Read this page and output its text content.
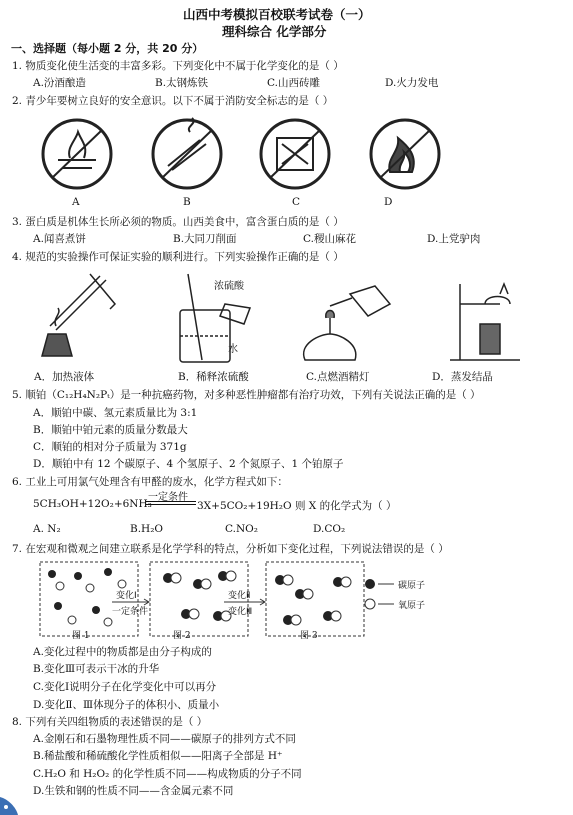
山西中考模拟百校联考试卷（一）
理科综合 化学部分
一、选择题（每小题 2 分，共 20 分）
1. 物质变化使生活变的丰富多彩。下列变化中不属于化学变化的是（ ）
A.汾酒酿造	B.太钢炼铁	C.山西砖雕	D.火力发电
2. 青少年要树立良好的安全意识。以下不属于消防安全标志的是（ ）
A	B	C	D
3. 蛋白质是机体生长所必须的物质。山西美食中，富含蛋白质的是（ ）
A.闻喜煮饼	B.大同刀削面	C.稷山麻花	D.上党驴肉
4. 规范的实验操作可保证实验的顺利进行。下列实验操作正确的是（ ）
浓硫酸
水
A．加热液体	B．稀释浓硫酸	C.点燃酒精灯	D．蒸发结晶
5. 顺铂（C₁₂H₄N₂Pₜ）是一种抗癌药物，对多种恶性肿瘤都有治疗功效，下列有关说法正确的是（ ）
A．顺铂中碳、氢元素质量比为 3:1
B．顺铂中铂元素的质量分数最大
C．顺铂的相对分子质量为 371g
D．顺铂中有 12 个碳原子、4 个氢原子、2 个氮原子、1 个铂原子
6. 工业上可用氯气处理含有甲醛的废水，化学方程式如下：
5CH₃OH+12O₂+6NH₃
一定条件
3X+5CO₂+19H₂O 则 X 的化学式为（ ）
A. N₂	B.H₂O	C.NO₂	D.CO₂
7. 在宏观和微观之间建立联系是化学学科的特点，分析如下变化过程，下列说法错误的是（ ）
变化Ⅰ
一定条件
变化Ⅱ
变化Ⅲ
碳原子
氧原子
图 1	图 2	图 3
A.变化过程中的物质都是由分子构成的
B.变化Ⅲ可表示干冰的升华
C.变化Ⅰ说明分子在化学变化中可以再分
D.变化Ⅱ、Ⅲ体现分子的体积小、质量小
8. 下列有关四组物质的表述错误的是（ ）
A.金刚石和石墨物理性质不同——碳原子的排列方式不同
B.稀盐酸和稀硫酸化学性质相似——阳离子全部是 H⁺
C.H₂O 和 H₂O₂ 的化学性质不同——构成物质的分子不同
D.生铁和钢的性质不同——含金属元素不同
